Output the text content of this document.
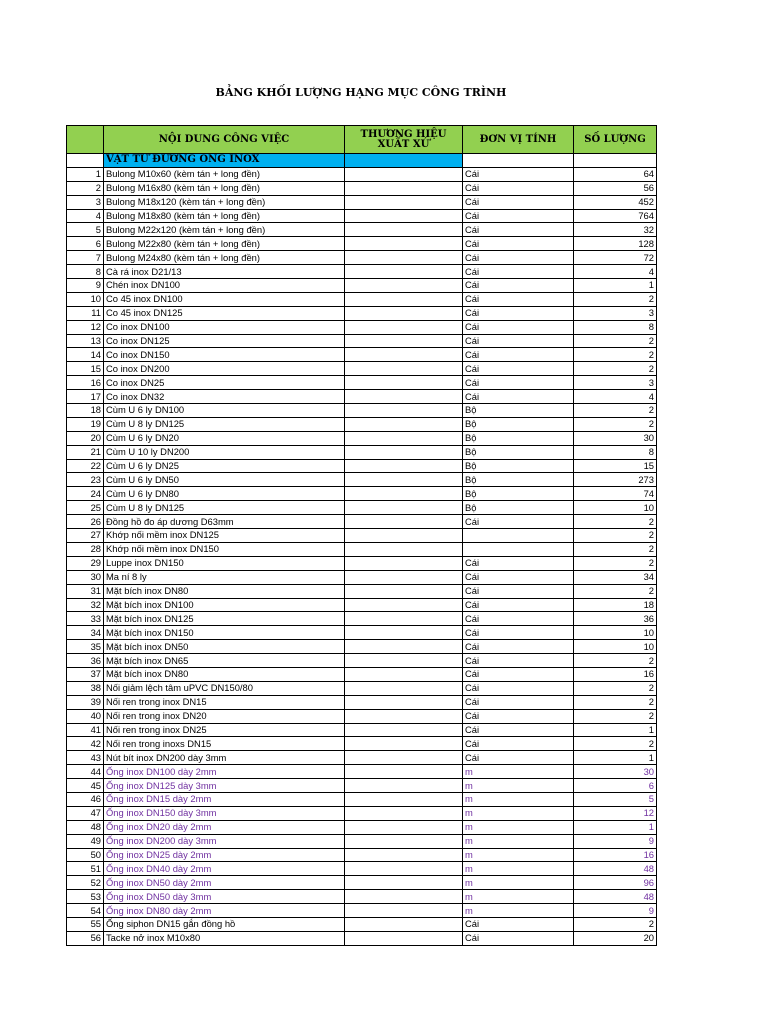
BẢNG KHỐI LƯỢNG HẠNG MỤC CÔNG TRÌNH
	NỘI DUNG CÔNG VIỆC	THƯƠNG HIỆU XUẤT XỨ	ĐƠN VỊ TÍNH	SỐ LƯỢNG
	VẬT TƯ ĐƯỜNG ỐNG INOX			
1	Bulong M10x60 (kèm tán + long đền)		Cái	64
2	Bulong M16x80 (kèm tán + long đền)		Cái	56
3	Bulong M18x120 (kèm tán + long đền)		Cái	452
4	Bulong M18x80 (kèm tán + long đền)		Cái	764
5	Bulong M22x120 (kèm tán + long đền)		Cái	32
6	Bulong M22x80 (kèm tán + long đền)		Cái	128
7	Bulong M24x80 (kèm tán + long đền)		Cái	72
8	Cà rá inox D21/13		Cái	4
9	Chén inox DN100		Cái	1
10	Co 45 inox DN100		Cái	2
11	Co 45 inox DN125		Cái	3
12	Co inox DN100		Cái	8
13	Co inox DN125		Cái	2
14	Co inox DN150		Cái	2
15	Co inox DN200		Cái	2
16	Co inox DN25		Cái	3
17	Co inox DN32		Cái	4
18	Cùm U 6 ly DN100		Bộ	2
19	Cùm U 8 ly DN125		Bộ	2
20	Cùm U 6 ly DN20		Bộ	30
21	Cùm U 10 ly DN200		Bộ	8
22	Cùm U 6 ly DN25		Bộ	15
23	Cùm U 6 ly DN50		Bộ	273
24	Cùm U 6 ly DN80		Bộ	74
25	Cùm U 8 ly DN125		Bộ	10
26	Đồng hồ đo áp dương D63mm		Cái	2
27	Khớp nối mềm inox DN125			2
28	Khớp nối mềm inox DN150			2
29	Luppe inox DN150		Cái	2
30	Ma ní 8 ly		Cái	34
31	Mặt bích inox DN80		Cái	2
32	Mặt bích inox DN100		Cái	18
33	Mặt bích inox DN125		Cái	36
34	Mặt bích inox DN150		Cái	10
35	Mặt bích inox DN50		Cái	10
36	Mặt bích inox DN65		Cái	2
37	Mặt bích inox DN80		Cái	16
38	Nối giảm lệch tâm uPVC DN150/80		Cái	2
39	Nối ren trong inox DN15		Cái	2
40	Nối ren trong inox DN20		Cái	2
41	Nối ren trong inox DN25		Cái	1
42	Nối ren trong inoxs DN15		Cái	2
43	Nút bít inox DN200 dày 3mm		Cái	1
44	Ống inox DN100 dày 2mm		m	30
45	Ống inox DN125 dày 3mm		m	6
46	Ống inox DN15 dày 2mm		m	5
47	Ống inox DN150 dày 3mm		m	12
48	Ống inox DN20 dày 2mm		m	1
49	Ống inox DN200 dày 3mm		m	9
50	Ống inox DN25 dày 2mm		m	16
51	Ống inox DN40 dày 2mm		m	48
52	Ống inox DN50 dày 2mm		m	96
53	Ống inox DN50 dày 3mm		m	48
54	Ống inox DN80 dày 2mm		m	9
55	Ống siphon DN15 gắn đồng hồ		Cái	2
56	Tacke nở inox M10x80		Cái	20
